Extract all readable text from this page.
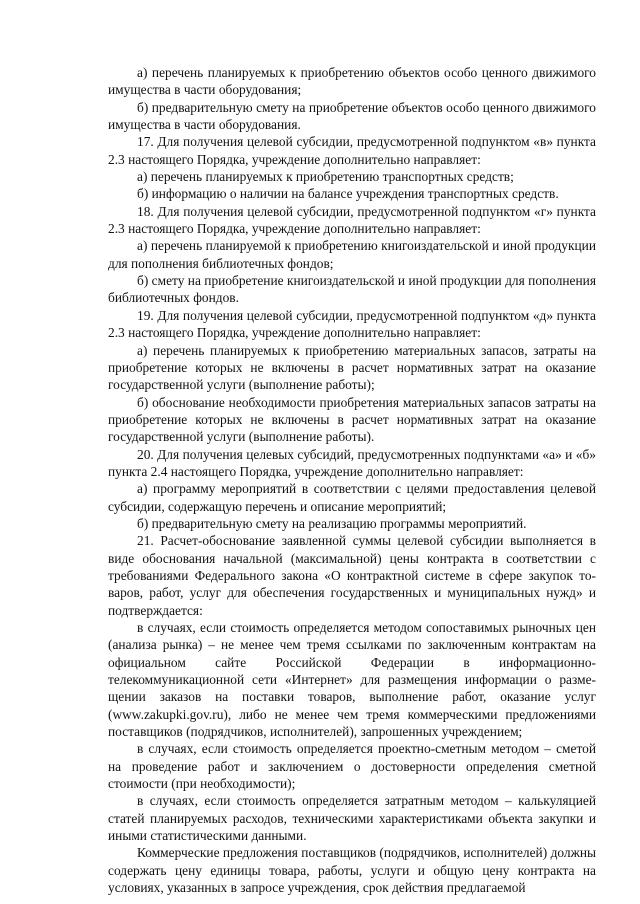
а) перечень планируемых к приобретению объектов особо ценного движимого имущества в части оборудования;

б) предварительную смету на приобретение объектов особо ценного движимого имущества в части оборудования.

17. Для получения целевой субсидии, предусмотренной подпунктом «в» пункта 2.3 настоящего Порядка, учреждение дополнительно направляет:

а) перечень планируемых к приобретению транспортных средств;

б) информацию о наличии на балансе учреждения транспортных средств.

18. Для получения целевой субсидии, предусмотренной подпунктом «г» пункта 2.3 настоящего Порядка, учреждение дополнительно направляет:

а) перечень планируемой к приобретению книгоиздательской и иной продукции для пополнения библиотечных фондов;

б) смету на приобретение книгоиздательской и иной продукции для пополнения библиотечных фондов.

19. Для получения целевой субсидии, предусмотренной подпунктом «д» пункта 2.3 настоящего Порядка, учреждение дополнительно направляет:

а) перечень планируемых к приобретению материальных запасов, затраты на приобретение которых не включены в расчет нормативных затрат на оказание государственной услуги (выполнение работы);

б) обоснование необходимости приобретения материальных запасов затраты на приобретение которых не включены в расчет нормативных затрат на оказание государственной услуги (выполнение работы).

20. Для получения целевых субсидий, предусмотренных подпунктами «а» и «б» пункта 2.4 настоящего Порядка, учреждение дополнительно направляет:

а) программу мероприятий в соответствии с целями предоставления целевой субсидии, содержащую перечень и описание мероприятий;

б) предварительную смету на реализацию программы мероприятий.

21. Расчет-обоснование заявленной суммы целевой субсидии выполняется в виде обоснования начальной (максимальной) цены контракта в соответствии с требованиями Федерального закона «О контрактной системе в сфере закупок товаров, работ, услуг для обеспечения государственных и муниципальных нужд» и подтверждается:

в случаях, если стоимость определяется методом сопоставимых рыночных цен (анализа рынка) – не менее чем тремя ссылками по заключенным контрактам на официальном сайте Российской Федерации в информационно-телекоммуникационной сети «Интернет» для размещения информации о размещении заказов на поставки товаров, выполнение работ, оказание услуг (www.zakupki.gov.ru), либо не менее чем тремя коммерческими предложениями поставщиков (подрядчиков, исполнителей), запрошенных учреждением;

в случаях, если стоимость определяется проектно-сметным методом – сметой на проведение работ и заключением о достоверности определения сметной стоимости (при необходимости);

в случаях, если стоимость определяется затратным методом – калькуляцией статей планируемых расходов, техническими характеристиками объекта закупки и иными статистическими данными.

Коммерческие предложения поставщиков (подрядчиков, исполнителей) должны содержать цену единицы товара, работы, услуги и общую цену контракта на условиях, указанных в запросе учреждения, срок действия предлагаемой
